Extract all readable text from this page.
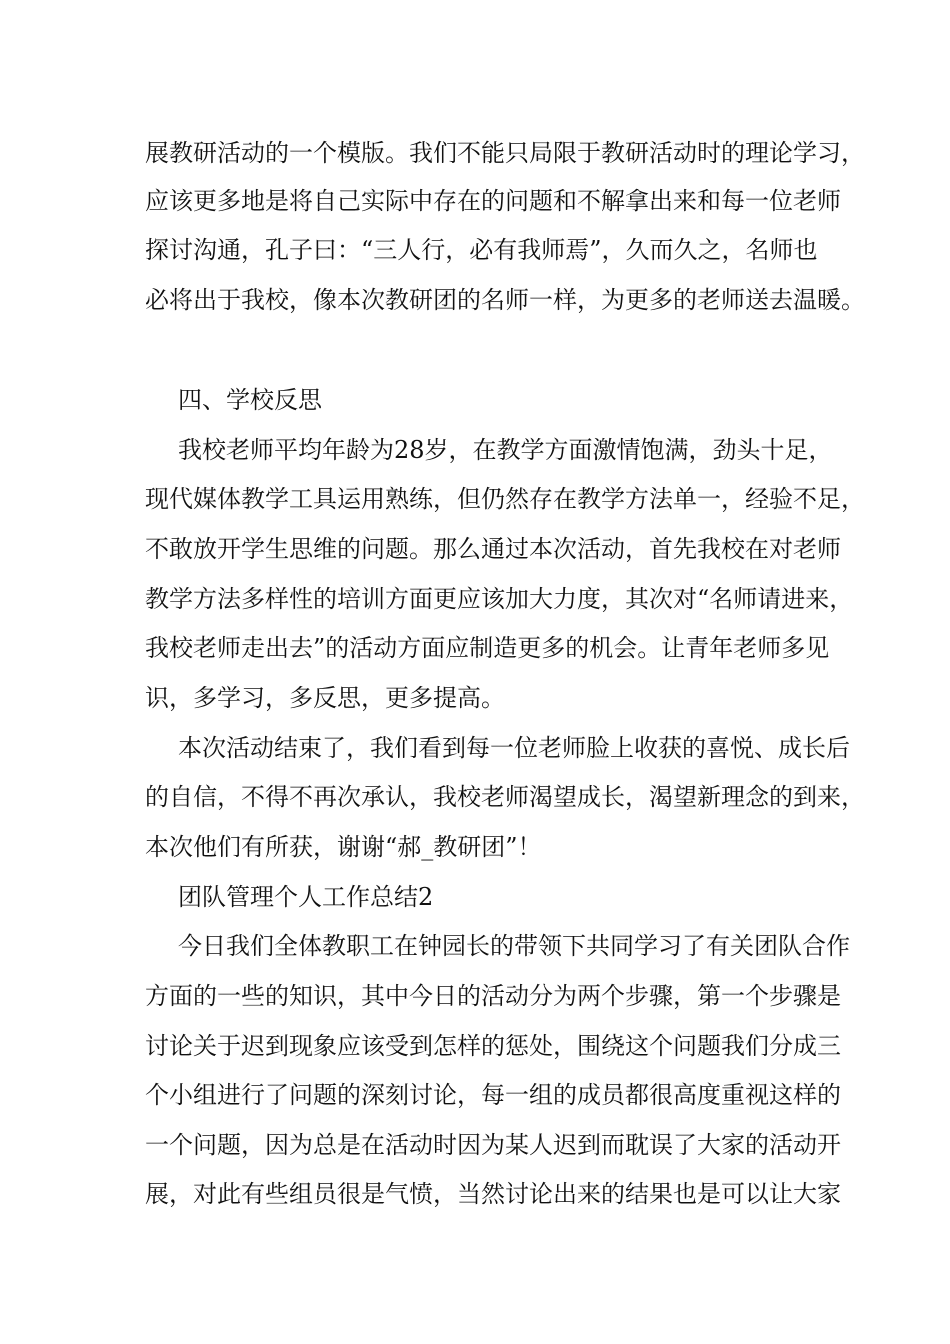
展教研活动的一个模版。我们不能只局限于教研活动时的理论学习，
应该更多地是将自己实际中存在的问题和不解拿出来和每一位老师
探讨沟通，孔子曰：“三人行，必有我师焉”，久而久之，名师也
必将出于我校，像本次教研团的名师一样，为更多的老师送去温暖。
四、学校反思
我校老师平均年龄为28岁，在教学方面激情饱满，劲头十足，
现代媒体教学工具运用熟练，但仍然存在教学方法单一，经验不足，
不敢放开学生思维的问题。那么通过本次活动，首先我校在对老师
教学方法多样性的培训方面更应该加大力度，其次对“名师请进来，
我校老师走出去”的活动方面应制造更多的机会。让青年老师多见
识，多学习，多反思，更多提高。
本次活动结束了，我们看到每一位老师脸上收获的喜悦、成长后
的自信，不得不再次承认，我校老师渴望成长，渴望新理念的到来，
本次他们有所获，谢谢“郝_教研团”！
团队管理个人工作总结2
今日我们全体教职工在钟园长的带领下共同学习了有关团队合作
方面的一些的知识，其中今日的活动分为两个步骤，第一个步骤是
讨论关于迟到现象应该受到怎样的惩处，围绕这个问题我们分成三
个小组进行了问题的深刻讨论，每一组的成员都很高度重视这样的
一个问题，因为总是在活动时因为某人迟到而耽误了大家的活动开
展，对此有些组员很是气愤，当然讨论出来的结果也是可以让大家
